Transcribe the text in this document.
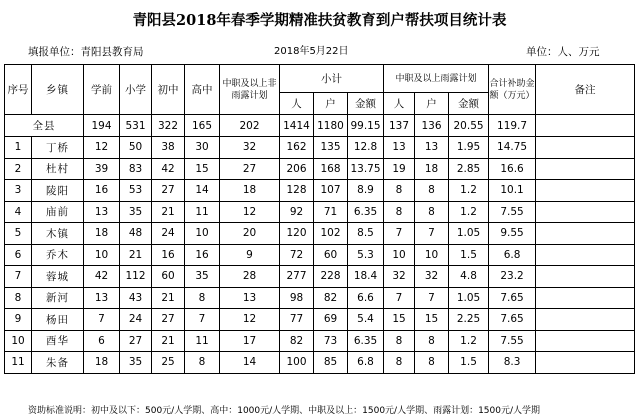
青阳县2018年春季学期精准扶贫教育到户帮扶项目统计表
填报单位：青阳县教育局	2018年5月22日	单位：人、万元
序号	乡镇	学前	小学	初中	高中	中职及以上非雨露计划	小计			中职及以上雨露计划			合计补助金额（万元）	备注
							人	户	金额	人	户	金额		
全县		194	531	322	165	202	1414	1180	99.15	137	136	20.55	119.7	
1	丁桥	12	50	38	30	32	162	135	12.8	13	13	1.95	14.75	
2	杜村	39	83	42	15	27	206	168	13.75	19	18	2.85	16.6	
3	陵阳	16	53	27	14	18	128	107	8.9	8	8	1.2	10.1	
4	庙前	13	35	21	11	12	92	71	6.35	8	8	1.2	7.55	
5	木镇	18	48	24	10	20	120	102	8.5	7	7	1.05	9.55	
6	乔木	10	21	16	16	9	72	60	5.3	10	10	1.5	6.8	
7	蓉城	42	112	60	35	28	277	228	18.4	32	32	4.8	23.2	
8	新河	13	43	21	8	13	98	82	6.6	7	7	1.05	7.65	
9	杨田	7	24	27	7	12	77	69	5.4	15	15	2.25	7.65	
10	酉华	6	27	21	11	17	82	73	6.35	8	8	1.2	7.55	
11	朱备	18	35	25	8	14	100	85	6.8	8	8	1.5	8.3	
资助标准说明：初中及以下：500元/人学期、高中：1000元/人学期、中职及以上：1500元/人学期、雨露计划：1500元/人学期
